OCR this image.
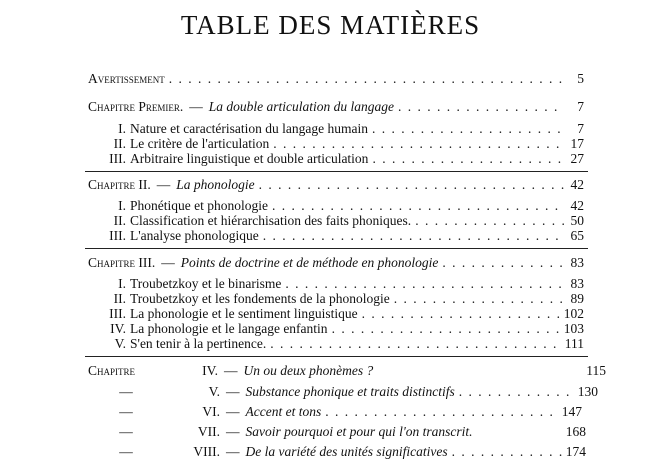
TABLE DES MATIÈRES
Avertissement . . .	5
Chapitre Premier. — La double articulation du langage . . .	7
I. Nature et caractérisation du langage humain . . .	7
II. Le critère de l'articulation . . .	17
III. Arbitraire linguistique et double articulation . . .	27
Chapitre II. — La phonologie . . .	42
I. Phonétique et phonologie . . .	42
II. Classification et hiérarchisation des faits phoniques. . . .	50
III. L'analyse phonologique . . .	65
Chapitre III. — Points de doctrine et de méthode en phonologie . . .	83
I. Troubetzkoy et le binarisme . . .	83
II. Troubetzkoy et les fondements de la phonologie . . .	89
III. La phonologie et le sentiment linguistique . . .	102
IV. La phonologie et le langage enfantin . . .	103
V. S'en tenir à la pertinence. . . .	111
Chapitre	IV. — Un ou deux phonèmes ?	115
—	V. — Substance phonique et traits distinctifs . . .	130
—	VI. — Accent et tons . . .	147
—	VII. — Savoir pourquoi et pour qui l'on transcrit.	168
—	VIII. — De la variété des unités significatives . . .	174
